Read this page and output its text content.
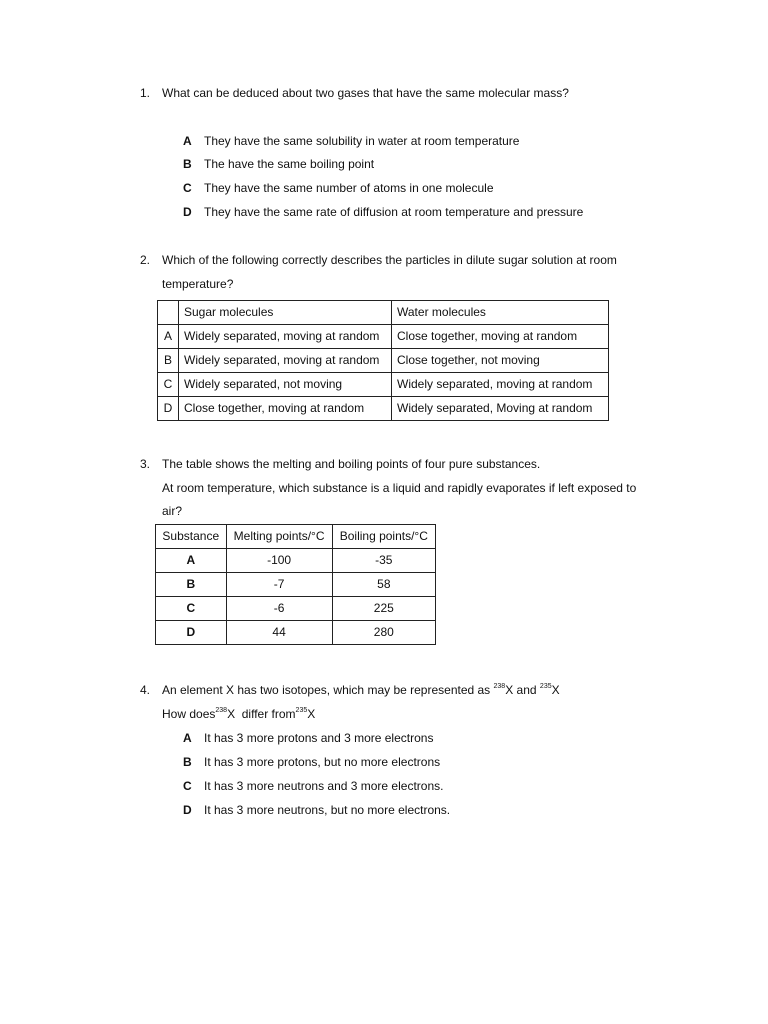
1. What can be deduced about two gases that have the same molecular mass?
A They have the same solubility in water at room temperature
B The have the same boiling point
C They have the same number of atoms in one molecule
D They have the same rate of diffusion at room temperature and pressure
2. Which of the following correctly describes the particles in dilute sugar solution at room
temperature?
	Sugar molecules	Water molecules
A	Widely separated, moving at random	Close together, moving at random
B	Widely separated, moving at random	Close together, not moving
C	Widely separated, not moving	Widely separated, moving at random
D	Close together, moving at random	Widely separated, Moving at random
3. The table shows the melting and boiling points of four pure substances.
At room temperature, which substance is a liquid and rapidly evaporates if left exposed to
air?
Substance	Melting points/°C	Boiling points/°C
A	-100	-35
B	-7	58
C	-6	225
D	44	280
4. An element X has two isotopes, which may be represented as $^{238}$X and $^{235}$X
How does$^{238}$X differ from$^{235}$X
A It has 3 more protons and 3 more electrons
B It has 3 more protons, but no more electrons
C It has 3 more neutrons and 3 more electrons.
D It has 3 more neutrons, but no more electrons.
